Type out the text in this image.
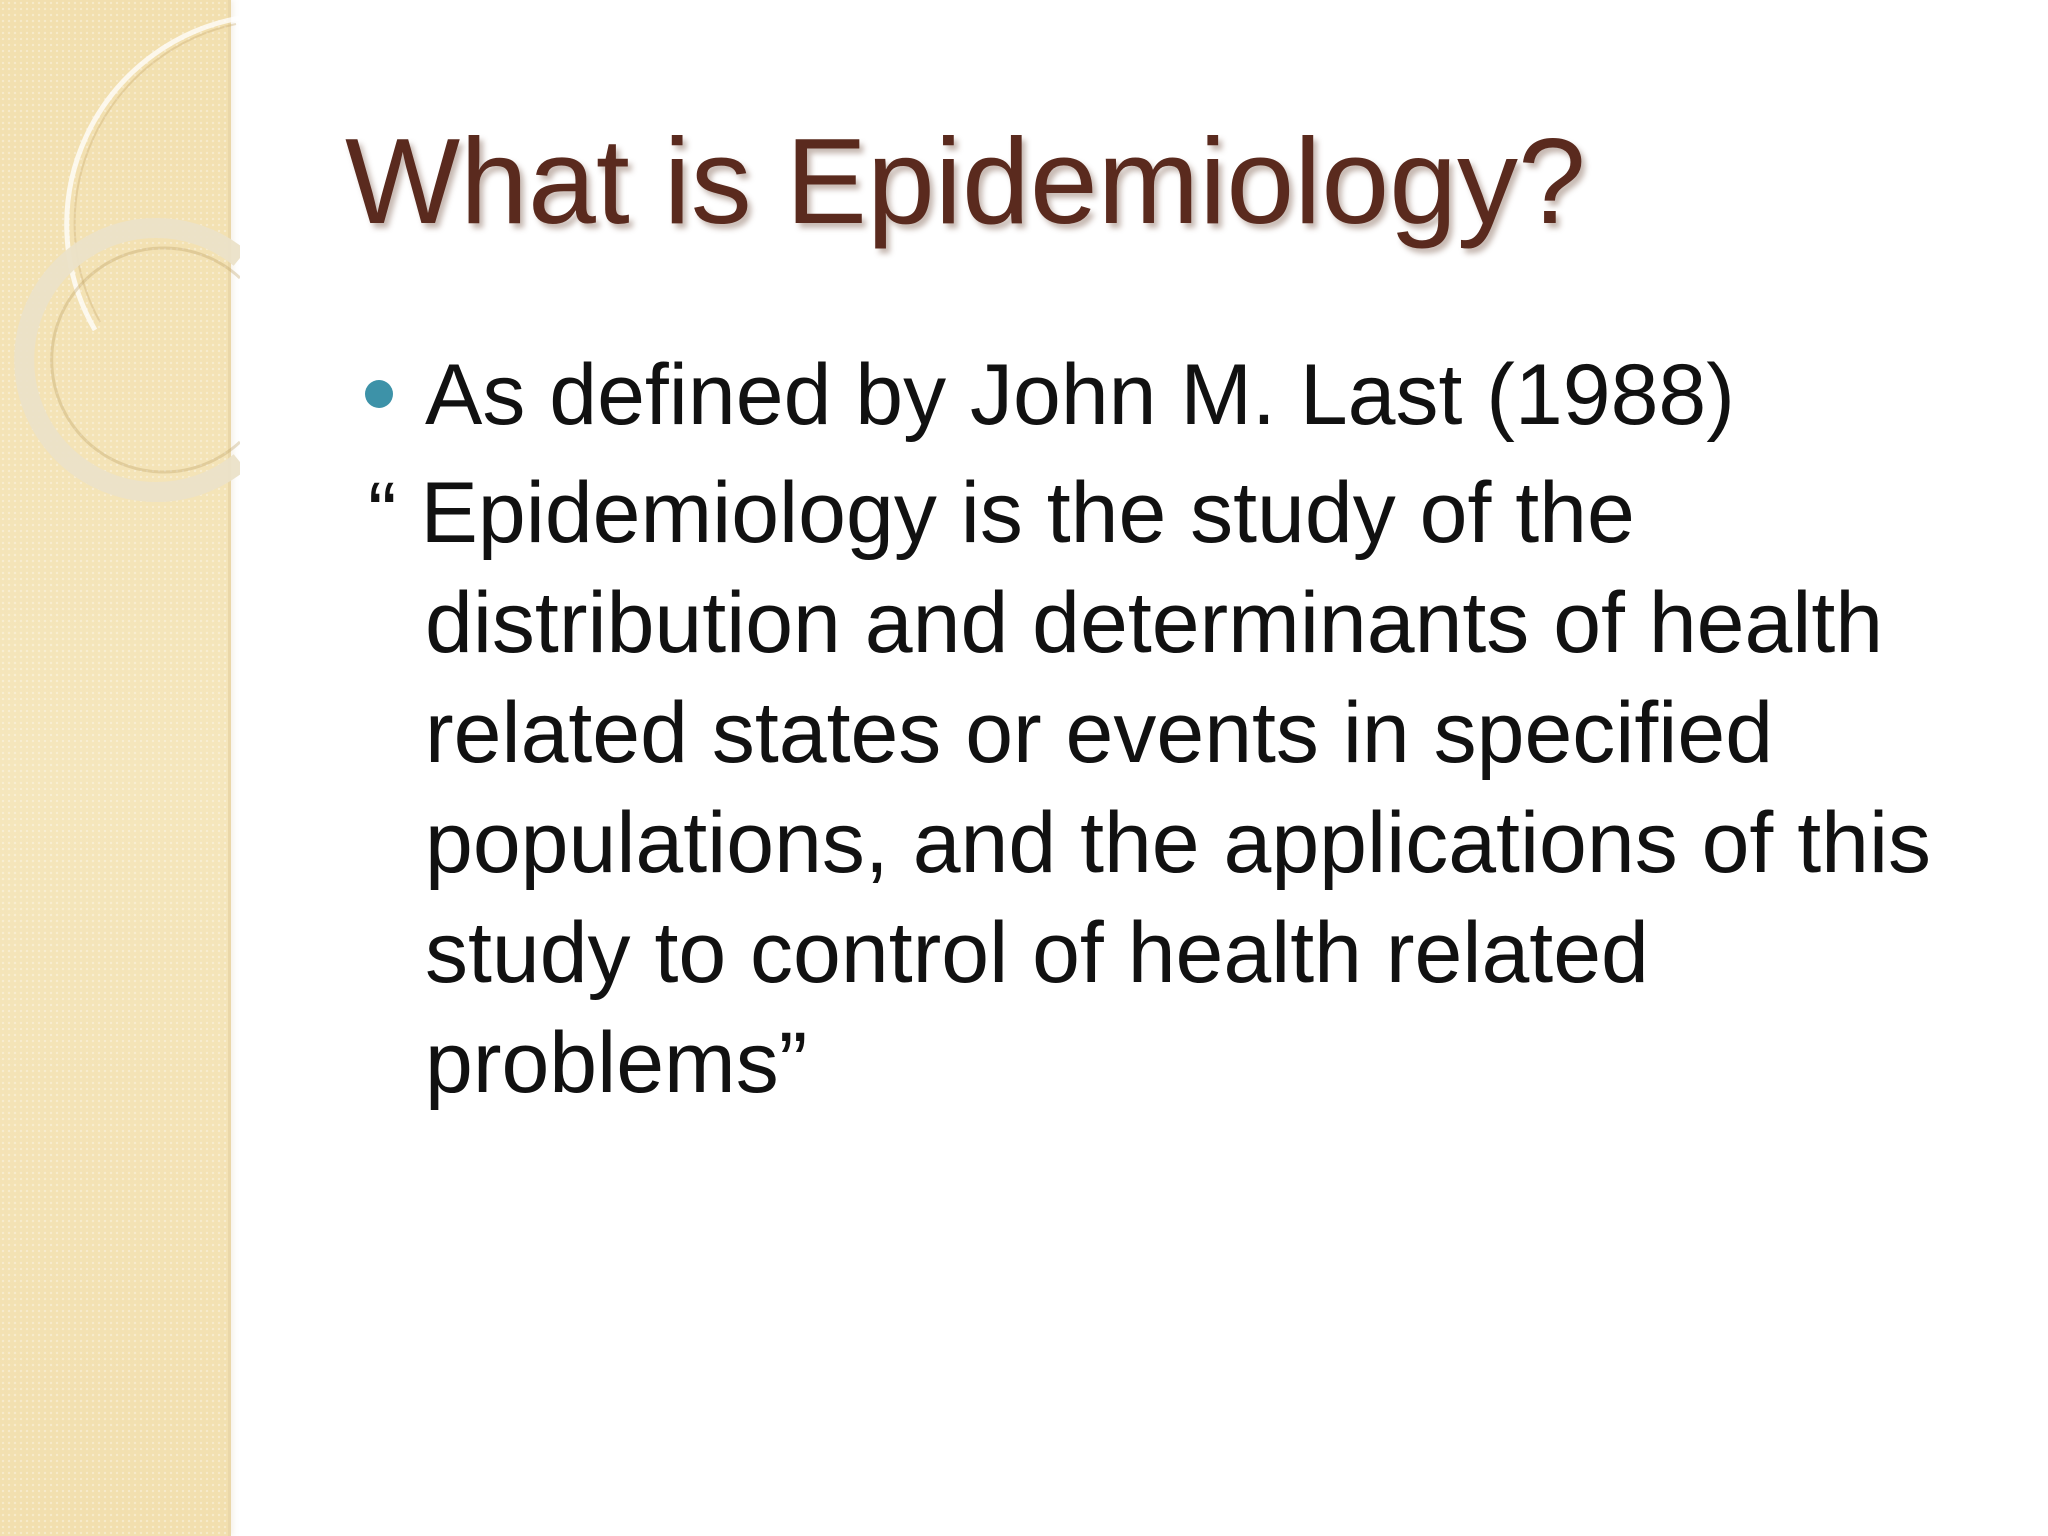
What is Epidemiology?
As defined by John M. Last (1988)

“ Epidemiology is the study of the distribution and determinants of health related states or events in specified populations, and the applications of this study to control of health related problems”
